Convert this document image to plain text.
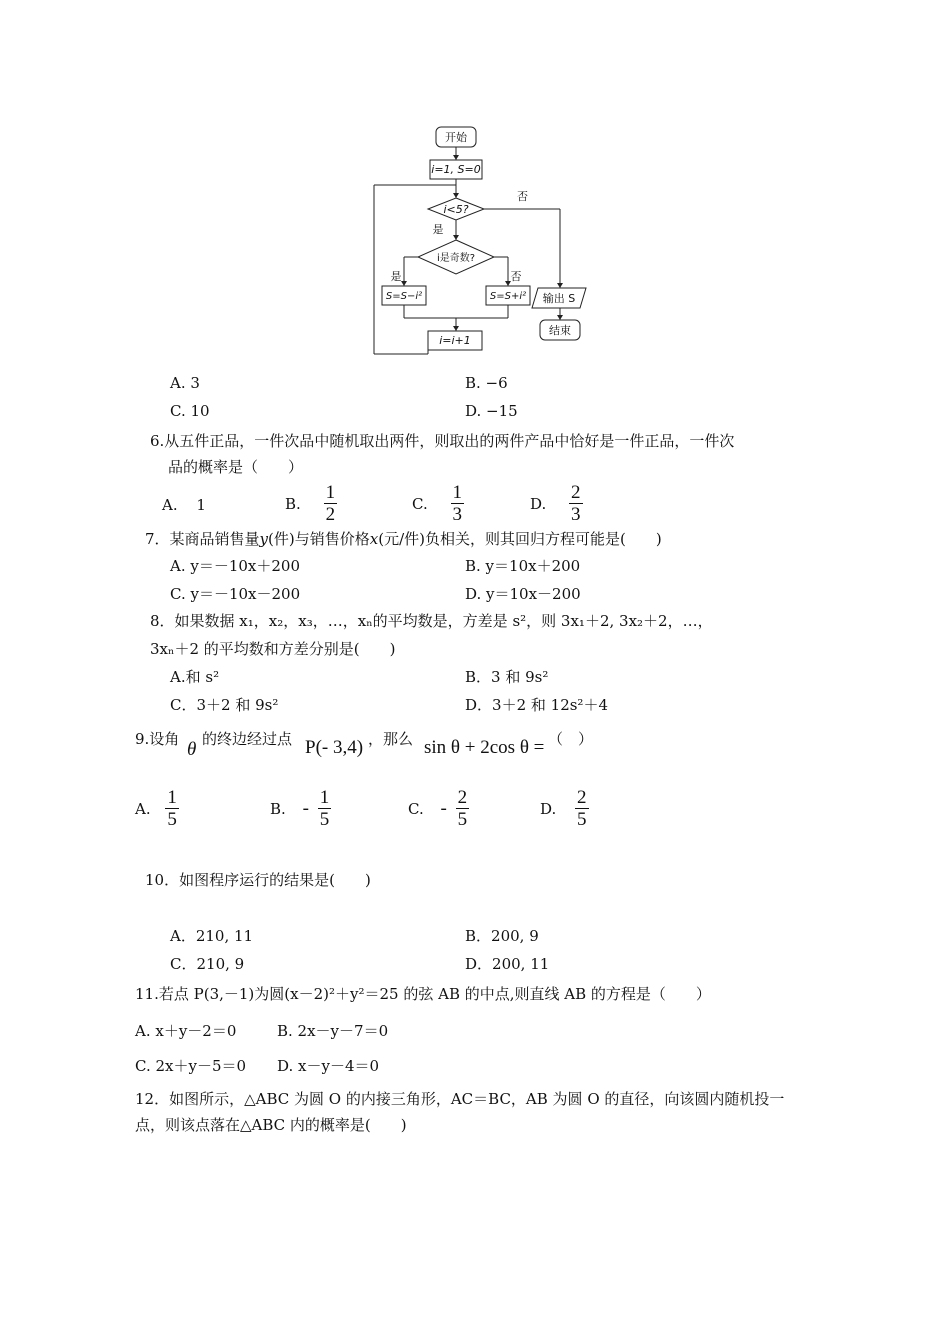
开始
i=1, S=0
i<5?
否
是
i是奇数?
是	否
S=S−i²	S=S+i²
i=i+1
输出 S
结束
A. 3	B. −6
C. 10	D. −15
6.从五件正品，一件次品中随机取出两件，则取出的两件产品中恰好是一件正品，一件次
品的概率是（　　）
A. 1	B. $\frac{1}{2}$	C. $\frac{1}{3}$	D. $\frac{2}{3}$
7．某商品销售量y(件)与销售价格x(元/件)负相关，则其回归方程可能是(　　)
A. y＝－10x＋200	B. y＝10x＋200
C. y＝－10x－200	D. y＝10x－200
8．如果数据 x₁，x₂，x₃，…，xₙ的平均数是，方差是 s²，则 3x₁＋2, 3x₂＋2，…，
3xₙ＋2 的平均数和方差分别是(　　)
A.和 s²	B．3 和 9s²
C．3＋2 和 9s²	D．3＋2 和 12s²＋4
9.设角 θ 的终边经过点 P(- 3,4) ，那么 sin θ + 2cos θ = （　）
A. $\frac{1}{5}$	B. - $\frac{1}{5}$	C. - $\frac{2}{5}$	D. $\frac{2}{5}$
10．如图程序运行的结果是(　　)
A．210, 11	B．200, 9
C．210, 9	D．200, 11
11.若点 P(3,－1)为圆(x－2)²＋y²＝25 的弦 AB 的中点,则直线 AB 的方程是（　　）
A. x＋y－2＝0	B. 2x－y－7＝0
C. 2x＋y－5＝0 D. x－y－4＝0
12．如图所示，△ABC 为圆 O 的内接三角形，AC＝BC，AB 为圆 O 的直径，向该圆内随机投一
点，则该点落在△ABC 内的概率是(　　)
